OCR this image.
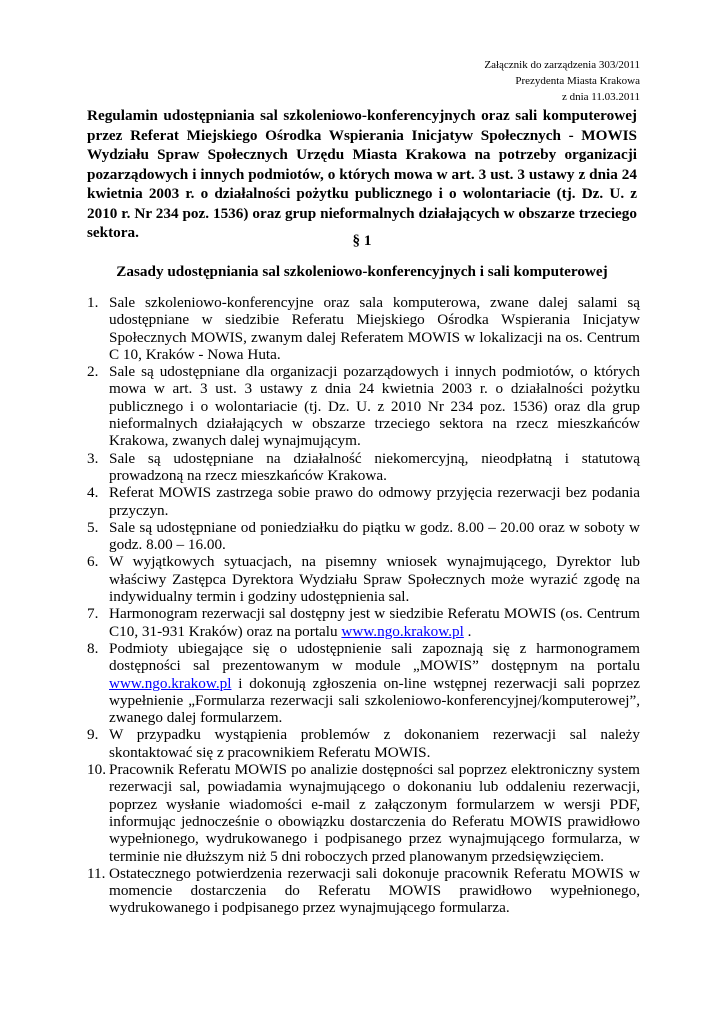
Załącznik do zarządzenia 303/2011
Prezydenta Miasta Krakowa
z dnia 11.03.2011

Regulamin udostępniania sal szkoleniowo-konferencyjnych oraz sali komputerowej przez Referat Miejskiego Ośrodka Wspierania Inicjatyw Społecznych - MOWIS Wydziału Spraw Społecznych Urzędu Miasta Krakowa na potrzeby organizacji pozarządowych i innych podmiotów, o których mowa w art. 3 ust. 3 ustawy z dnia 24 kwietnia 2003 r. o działalności pożytku publicznego i o wolontariacie (tj. Dz. U. z 2010 r. Nr 234 poz. 1536) oraz grup nieformalnych działających w obszarze trzeciego sektora.	§ 1

Zasady udostępniania sal szkoleniowo-konferencyjnych i sali komputerowej

1. Sale szkoleniowo-konferencyjne oraz sala komputerowa, zwane dalej salami są udostępniane w siedzibie Referatu Miejskiego Ośrodka Wspierania Inicjatyw Społecznych MOWIS, zwanym dalej Referatem MOWIS w lokalizacji na os. Centrum C 10, Kraków - Nowa Huta.
2. Sale są udostępniane dla organizacji pozarządowych i innych podmiotów, o których mowa w art. 3 ust. 3 ustawy z dnia 24 kwietnia 2003 r. o działalności pożytku publicznego i o wolontariacie (tj. Dz. U. z 2010 Nr 234 poz. 1536) oraz dla grup nieformalnych działających w obszarze trzeciego sektora na rzecz mieszkańców Krakowa, zwanych dalej wynajmującym.
3. Sale są udostępniane na działalność niekomercyjną, nieodpłatną i statutową prowadzoną na rzecz mieszkańców Krakowa.
4. Referat MOWIS zastrzega sobie prawo do odmowy przyjęcia rezerwacji bez podania przyczyn.
5. Sale są udostępniane od poniedziałku do piątku w godz. 8.00 – 20.00 oraz w soboty w godz. 8.00 – 16.00.
6. W wyjątkowych sytuacjach, na pisemny wniosek wynajmującego, Dyrektor lub właściwy Zastępca Dyrektora Wydziału Spraw Społecznych może wyrazić zgodę na indywidualny termin i godziny udostępnienia sal.
7. Harmonogram rezerwacji sal dostępny jest w siedzibie Referatu MOWIS (os. Centrum C10, 31-931 Kraków) oraz na portalu www.ngo.krakow.pl .
8. Podmioty ubiegające się o udostępnienie sali zapoznają się z harmonogramem dostępności sal prezentowanym w module „MOWIS” dostępnym na portalu www.ngo.krakow.pl i dokonują zgłoszenia on-line wstępnej rezerwacji sali poprzez wypełnienie „Formularza rezerwacji sali szkoleniowo-konferencyjnej/komputerowej”, zwanego dalej formularzem.
9. W przypadku wystąpienia problemów z dokonaniem rezerwacji sal należy skontaktować się z pracownikiem Referatu MOWIS.
10. Pracownik Referatu MOWIS po analizie dostępności sal poprzez elektroniczny system rezerwacji sal, powiadamia wynajmującego o dokonaniu lub oddaleniu rezerwacji, poprzez wysłanie wiadomości e-mail z załączonym formularzem w wersji PDF, informując jednocześnie o obowiązku dostarczenia do Referatu MOWIS prawidłowo wypełnionego, wydrukowanego i podpisanego przez wynajmującego formularza, w terminie nie dłuższym niż 5 dni roboczych przed planowanym przedsięwzięciem.
11. Ostatecznego potwierdzenia rezerwacji sali dokonuje pracownik Referatu MOWIS w momencie dostarczenia do Referatu MOWIS prawidłowo wypełnionego, wydrukowanego i podpisanego przez wynajmującego formularza.
